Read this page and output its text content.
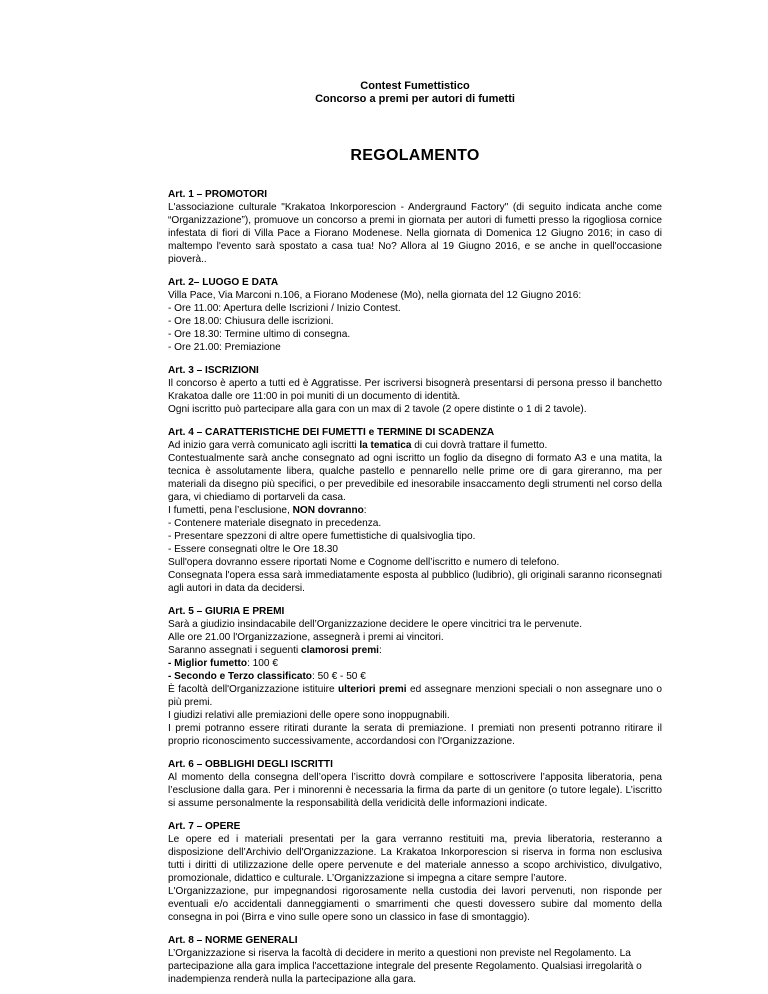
Contest Fumettistico

Concorso a premi per autori di fumetti

REGOLAMENTO

Art. 1 – PROMOTORI

L'associazione culturale "Krakatoa Inkorporescion - Andergraund Factory" (di seguito indicata anche come “Organizzazione”), promuove un concorso a premi in giornata per autori di fumetti presso la rigogliosa cornice infestata di fiori di Villa Pace a Fiorano Modenese. Nella giornata di Domenica 12 Giugno 2016; in caso di maltempo l'evento sarà spostato a casa tua! No? Allora al 19 Giugno 2016, e se anche in quell'occasione pioverà..

Art. 2– LUOGO E DATA

Villa Pace, Via Marconi n.106, a Fiorano Modenese (Mo), nella giornata del 12 Giugno 2016:

- Ore 11.00: Apertura delle Iscrizioni / Inizio Contest.

- Ore 18.00: Chiusura delle iscrizioni.

- Ore 18.30: Termine ultimo di consegna.

- Ore 21.00: Premiazione

Art. 3 – ISCRIZIONI

Il concorso è aperto a tutti ed è Aggratisse. Per iscriversi bisognerà presentarsi di persona presso il banchetto Krakatoa dalle ore 11:00 in poi muniti di un documento di identità.

Ogni iscritto può partecipare alla gara con un max di 2 tavole (2 opere distinte o 1 di 2 tavole).

Art. 4 – CARATTERISTICHE DEI FUMETTI e TERMINE DI SCADENZA

Ad inizio gara verrà comunicato agli iscritti la tematica di cui dovrà trattare il fumetto.

Contestualmente sarà anche consegnato ad ogni iscritto un foglio da disegno di formato A3 e una matita, la tecnica è assolutamente libera, qualche pastello e pennarello nelle prime ore di gara gireranno, ma per materiali da disegno più specifici, o per prevedibile ed inesorabile insaccamento degli strumenti nel corso della gara, vi chiediamo di portarveli da casa.

I fumetti, pena l’esclusione, NON dovranno:

- Contenere materiale disegnato in precedenza.

- Presentare spezzoni di altre opere fumettistiche di qualsivoglia tipo.

- Essere consegnati oltre le Ore 18.30

Sull'opera dovranno essere riportati Nome e Cognome dell’iscritto e numero di telefono.

Consegnata l'opera essa sarà immediatamente esposta al pubblico (ludibrio), gli originali saranno riconsegnati agli autori in data da decidersi.

Art. 5 – GIURIA E PREMI

Sarà a giudizio insindacabile dell’Organizzazione decidere le opere vincitrici tra le pervenute.

Alle ore 21.00 l'Organizzazione, assegnerà i premi ai vincitori.

Saranno assegnati i seguenti clamorosi premi:

- Miglior fumetto: 100 €

- Secondo e Terzo classificato: 50 € - 50 €

È facoltà dell'Organizzazione istituire ulteriori premi ed assegnare menzioni speciali o non assegnare uno o più premi.

I giudizi relativi alle premiazioni delle opere sono inoppugnabili.

I premi potranno essere ritirati durante la serata di premiazione. I premiati non presenti potranno ritirare il proprio riconoscimento successivamente, accordandosi con l'Organizzazione.

Art. 6 – OBBLIGHI DEGLI ISCRITTI

Al momento della consegna dell’opera l’iscritto dovrà compilare e sottoscrivere l’apposita liberatoria, pena l’esclusione dalla gara. Per i minorenni è necessaria la firma da parte di un genitore (o tutore legale). L’iscritto si assume personalmente la responsabilità della veridicità delle informazioni indicate.

Art. 7 – OPERE

Le opere ed i materiali presentati per la gara verranno restituiti ma, previa liberatoria, resteranno a disposizione dell’Archivio dell'Organizzazione. La Krakatoa Inkorporescion si riserva in forma non esclusiva tutti i diritti di utilizzazione delle opere pervenute e del materiale annesso a scopo archivistico, divulgativo, promozionale, didattico e culturale. L’Organizzazione si impegna a citare sempre l’autore.

L'Organizzazione, pur impegnandosi rigorosamente nella custodia dei lavori pervenuti, non risponde per eventuali e/o accidentali danneggiamenti o smarrimenti che questi dovessero subire dal momento della consegna in poi (Birra e vino sulle opere sono un classico in fase di smontaggio).

Art. 8 – NORME GENERALI

L’Organizzazione si riserva la facoltà di decidere in merito a questioni non previste nel Regolamento. La partecipazione alla gara implica l'accettazione integrale del presente Regolamento. Qualsiasi irregolarità o inadempienza renderà nulla la partecipazione alla gara.
